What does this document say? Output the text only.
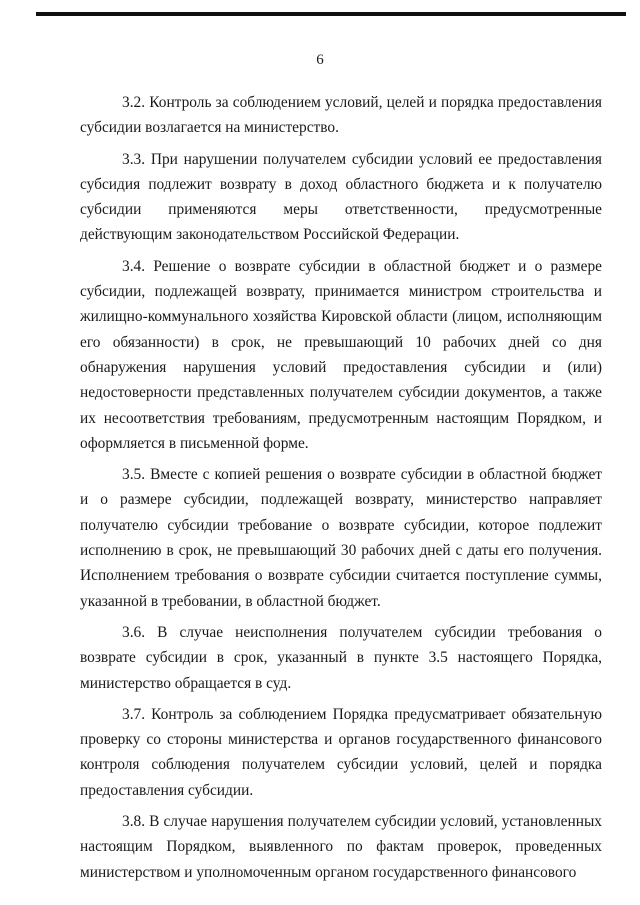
6

3.2. Контроль за соблюдением условий, целей и порядка предоставления субсидии возлагается на министерство.

3.3. При нарушении получателем субсидии условий ее предоставления субсидия подлежит возврату в доход областного бюджета и к получателю субсидии применяются меры ответственности, предусмотренные действующим законодательством Российской Федерации.

3.4. Решение о возврате субсидии в областной бюджет и о размере субсидии, подлежащей возврату, принимается министром строительства и жилищно-коммунального хозяйства Кировской области (лицом, исполняющим его обязанности) в срок, не превышающий 10 рабочих дней со дня обнаружения нарушения условий предоставления субсидии и (или) недостоверности представленных получателем субсидии документов, а также их несоответствия требованиям, предусмотренным настоящим Порядком, и оформляется в письменной форме.

3.5. Вместе с копией решения о возврате субсидии в областной бюджет и о размере субсидии, подлежащей возврату, министерство направляет получателю субсидии требование о возврате субсидии, которое подлежит исполнению в срок, не превышающий 30 рабочих дней с даты его получения. Исполнением требования о возврате субсидии считается поступление суммы, указанной в требовании, в областной бюджет.

3.6. В случае неисполнения получателем субсидии требования о возврате субсидии в срок, указанный в пункте 3.5 настоящего Порядка, министерство обращается в суд.

3.7. Контроль за соблюдением Порядка предусматривает обязательную проверку со стороны министерства и органов государственного финансового контроля соблюдения получателем субсидии условий, целей и порядка предоставления субсидии.

3.8. В случае нарушения получателем субсидии условий, установленных настоящим Порядком, выявленного по фактам проверок, проведенных министерством и уполномоченным органом государственного финансового
